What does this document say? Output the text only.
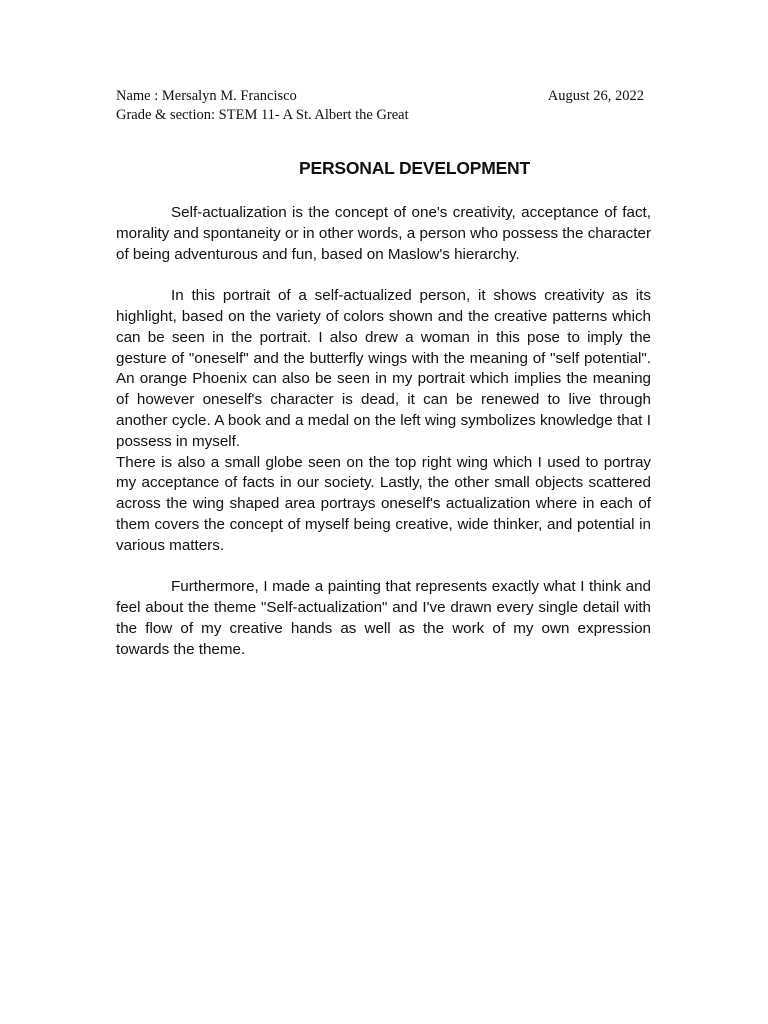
Name : Mersalyn M. Francisco	August 26, 2022
Grade & section: STEM 11- A St. Albert the Great
PERSONAL DEVELOPMENT

Self-actualization is the concept of one's creativity, acceptance of fact, morality and spontaneity or in other words, a person who possess the character of being adventurous and fun, based on Maslow's hierarchy.

In this portrait of a self-actualized person, it shows creativity as its highlight, based on the variety of colors shown and the creative patterns which can be seen in the portrait. I also drew a woman in this pose to imply the gesture of "oneself" and the butterfly wings with the meaning of "self potential". An orange Phoenix can also be seen in my portrait which implies the meaning of however oneself's character is dead, it can be renewed to live through another cycle. A book and a medal on the left wing symbolizes knowledge that I possess in myself.

There is also a small globe seen on the top right wing which I used to portray my acceptance of facts in our society. Lastly, the other small objects scattered across the wing shaped area portrays oneself's actualization where in each of them covers the concept of myself being creative, wide thinker, and potential in various matters.

Furthermore, I made a painting that represents exactly what I think and feel about the theme "Self-actualization" and I've drawn every single detail with the flow of my creative hands as well as the work of my own expression towards the theme.
